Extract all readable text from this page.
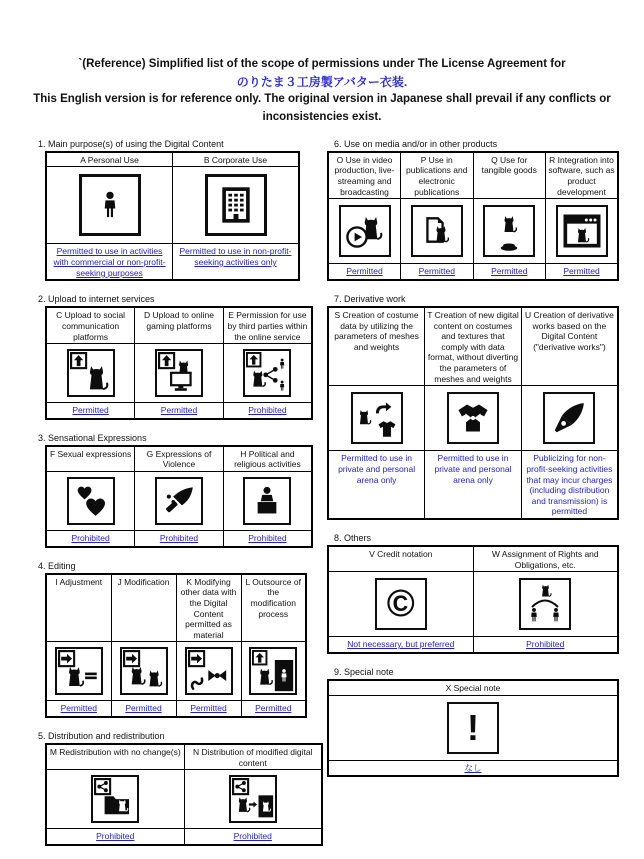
`(Reference) Simplified list of the scope of permissions under The License Agreement for
のりたま３工房製アバター衣装.
This English version is for reference only. The original version in Japanese shall prevail if any conflicts or inconsistencies exist.
1. Main purpose(s) of using the Digital Content
A Personal Use	B Corporate Use

Permitted to use in activities with commercial or non-profit-seeking purposes	Permitted to use in non-profit-seeking activities only
2. Upload to internet services
C Upload to social communication platforms	D Upload to online gaming platforms	E Permission for use by third parties within the online service

Permitted	Permitted	Prohibited
3. Sensational Expressions
F Sexual expressions	G Expressions of Violence	H Political and religious activities

Prohibited	Prohibited	Prohibited
4. Editing
I Adjustment	J Modification	K Modifying other data with the Digital Content permitted as material	L Outsource of the modification process

Permitted	Permitted	Permitted	Permitted
5. Distribution and redistribution
M Redistribution with no change(s)	N Distribution of modified digital content

Prohibited	Prohibited
6. Use on media and/or in other products
O Use in video production, live-streaming and broadcasting	P Use in publications and electronic publications	Q Use for tangible goods	R Integration into software, such as product development

Permitted	Permitted	Permitted	Permitted
7. Derivative work
S Creation of costume data by utilizing the parameters of meshes and weights	T Creation of new digital content on costumes and textures that comply with data format, without diverting the parameters of meshes and weights	U Creation of derivative works based on the Digital Content ("derivative works")

Permitted to use in private and personal arena only	Permitted to use in private and personal arena only	Publicizing for non-profit-seeking activities that may incur charges (including distribution and transmission) is permitted
8. Others
V Credit notation	W Assignment of Rights and Obligations, etc.

©

Not necessary, but preferred	Prohibited
9. Special note
X Special note

!

なし
